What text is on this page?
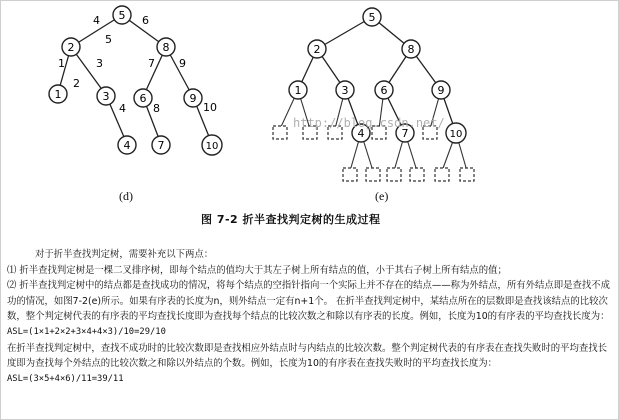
4	6
1
2
3
4
7 9
8	10
5
5
2	8
1	3	6	9
4 7	10
5
2	8
1	3	6	9
4	7	10
http://blog.csdn.net/
(d)	(e)
图 7-2 折半查找判定树的生成过程

对于折半查找判定树，需要补充以下两点：

⑴ 折半查找判定树是一棵二叉排序树，即每个结点的值均大于其左子树上所有结点的值，小于其右子树上所有结点的值；

⑵ 折半查找判定树中的结点都是查找成功的情况，将每个结点的空指针指向一个实际上并不存在的结点——称为外结点，所有外结点即是查找不成功的情况，如图7-2(e)所示。如果有序表的长度为n，则外结点一定有n+1个。 在折半查找判定树中，某结点所在的层数即是查找该结点的比较次数，整个判定树代表的有序表的平均查找长度即为查找每个结点的比较次数之和除以有序表的长度。例如，长度为10的有序表的平均查找长度为：

ASL=(1×1+2×2+3×4+4×3)/10=29/10

在折半查找判定树中，查找不成功时的比较次数即是查找相应外结点时与内结点的比较次数。整个判定树代表的有序表在查找失败时的平均查找长度即为查找每个外结点的比较次数之和除以外结点的个数。例如，长度为10的有序表在查找失败时的平均查找长度为：

ASL=(3×5+4×6)/11=39/11
